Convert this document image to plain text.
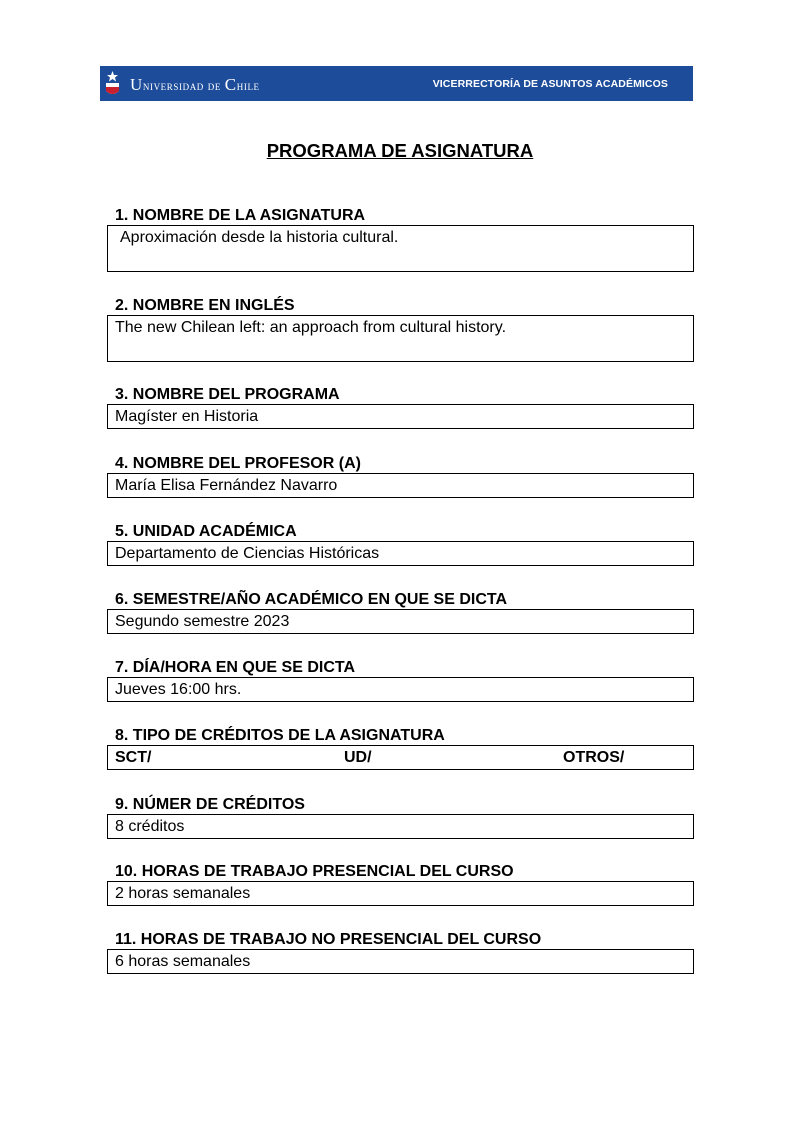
Universidad de Chile	VICERRECTORÍA DE ASUNTOS ACADÉMICOS
PROGRAMA DE ASIGNATURA
1. NOMBRE DE LA ASIGNATURA
Aproximación desde la historia cultural.
2. NOMBRE EN INGLÉS
The new Chilean left: an approach from cultural history.
3. NOMBRE DEL PROGRAMA
Magíster en Historia
4. NOMBRE DEL PROFESOR (A)
María Elisa Fernández Navarro
5. UNIDAD ACADÉMICA
Departamento de Ciencias Históricas
6. SEMESTRE/AÑO ACADÉMICO EN QUE SE DICTA
Segundo semestre 2023
7. DÍA/HORA EN QUE SE DICTA
Jueves 16:00 hrs.
8. TIPO DE CRÉDITOS DE LA ASIGNATURA
SCT/	UD/	OTROS/
9. NÚMER DE CRÉDITOS
8 créditos
10. HORAS DE TRABAJO PRESENCIAL DEL CURSO
2 horas semanales
11. HORAS DE TRABAJO NO PRESENCIAL DEL CURSO
6 horas semanales
